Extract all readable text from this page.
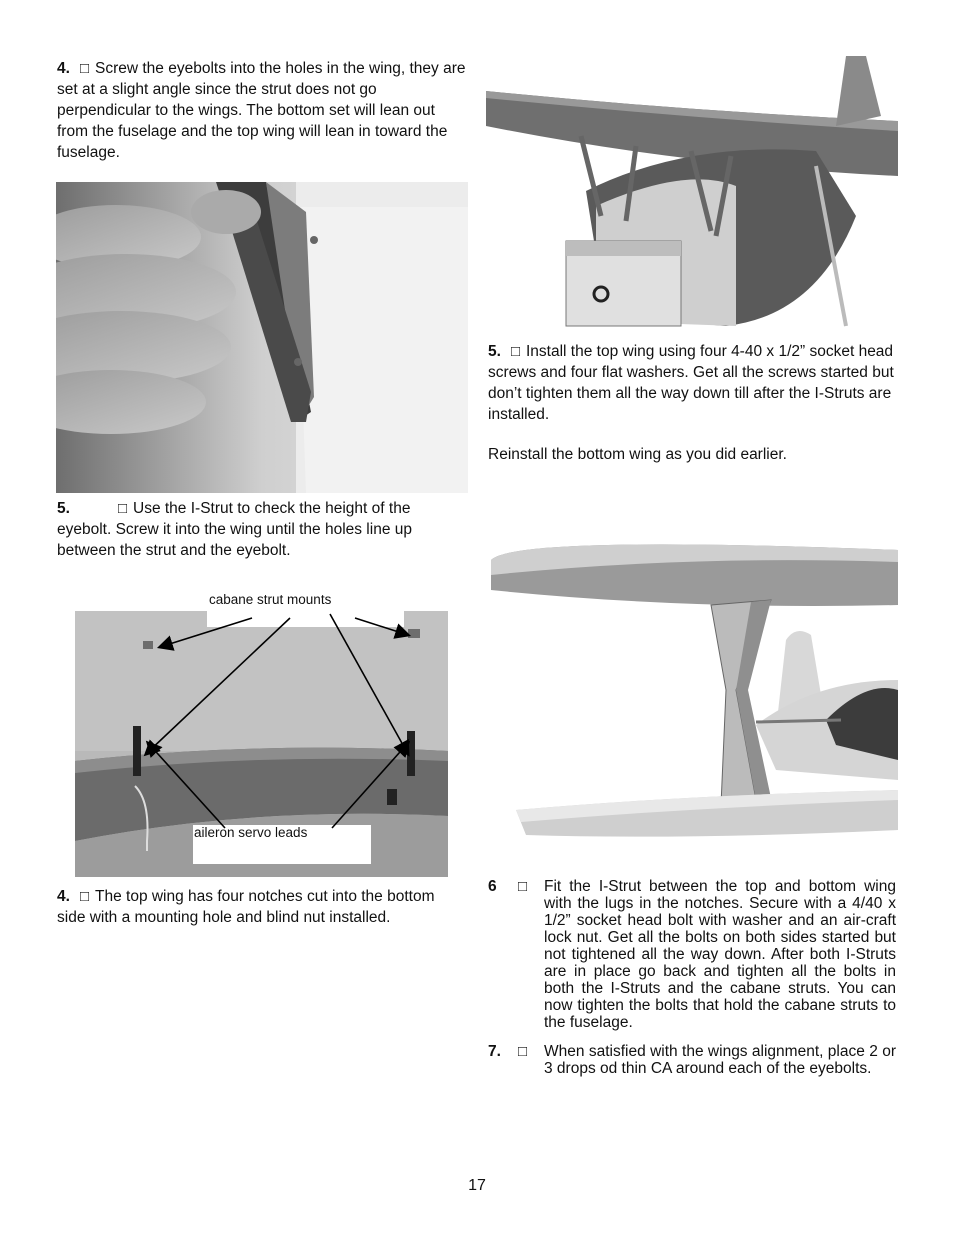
4. □ Screw the eyebolts into the holes in the wing, they are set at a slight angle since the strut does not go perpendicular to the wings. The bottom set will lean out from the fuselage and the top wing will lean in toward the fuselage.
5.	□ Use the I-Strut to check the height of the eyebolt. Screw it into the wing until the holes line up between the strut and the eyebolt.
cabane strut mounts
aileron servo leads
4. □ The top wing has four notches cut into the bottom side with a mounting hole and blind nut installed.
5. □ Install the top wing using four 4-40 x 1/2” socket head screws and four flat washers. Get all the screws started but don’t tighten them all the way down till after the I-Struts are installed.
Reinstall the bottom wing as you did earlier.
6	□	Fit the I-Strut between the top and bottom wing with the lugs in the notches. Secure with a 4/40 x 1/2” socket head bolt with washer and an air-craft lock nut. Get all the bolts on both sides started but not tightened all the way down. After both I-Struts are in place go back and tighten all the bolts in both the I-Struts and the cabane struts. You can now tighten the bolts that hold the cabane struts to the fuselage.
7.	□	When satisfied with the wings alignment, place 2 or 3 drops od thin CA around each of the eyebolts.
17
